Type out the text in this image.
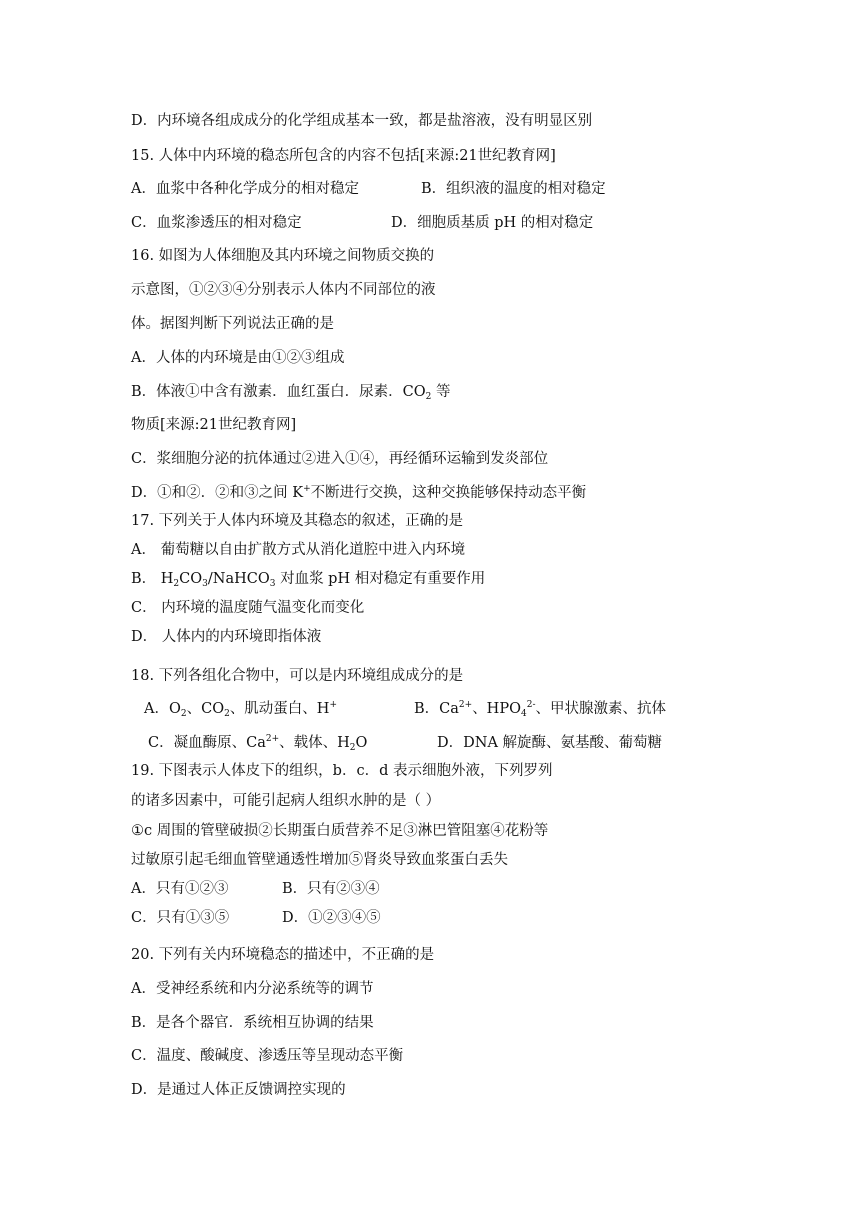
D．内环境各组成成分的化学组成基本一致，都是盐溶液，没有明显区别
15. 人体中内环境的稳态所包含的内容不包括[来源:21世纪教育网]
A．血浆中各种化学成分的相对稳定	B．组织液的温度的相对稳定
C．血浆渗透压的相对稳定	D．细胞质基质 pH 的相对稳定
16. 如图为人体细胞及其内环境之间物质交换的
示意图，①②③④分别表示人体内不同部位的液
体。据图判断下列说法正确的是
A．人体的内环境是由①②③组成
B．体液①中含有激素．血红蛋白．尿素．$CO_2$ 等
物质[来源:21世纪教育网]
C．浆细胞分泌的抗体通过②进入①④，再经循环运输到发炎部位
D．①和②．②和③之间 K+不断进行交换，这种交换能够保持动态平衡
17. 下列关于人体内环境及其稳态的叙述，正确的是
A． 葡萄糖以自由扩散方式从消化道腔中进入内环境
B． $H_2CO_3/NaHCO_3$ 对血浆 pH 相对稳定有重要作用
C． 内环境的温度随气温变化而变化
D． 人体内的内环境即指体液
18. 下列各组化合物中，可以是内环境组成成分的是
A．$O_2$、$CO_2$、肌动蛋白、H+	B．$Ca^{2+}$、$HPO_4^{2-}$、甲状腺激素、抗体
C．凝血酶原、$Ca^{2+}$、载体、$H_2O$	D．DNA 解旋酶、氨基酸、葡萄糖
19. 下图表示人体皮下的组织，b．c．d 表示细胞外液，下列罗列
的诸多因素中，可能引起病人组织水肿的是（ ）
①c 周围的管壁破损②长期蛋白质营养不足③淋巴管阻塞④花粉等
过敏原引起毛细血管壁通透性增加⑤肾炎导致血浆蛋白丢失
A．只有①②③	B．只有②③④
C．只有①③⑤	D．①②③④⑤
20. 下列有关内环境稳态的描述中，不正确的是
A．受神经系统和内分泌系统等的调节
B．是各个器官．系统相互协调的结果
C．温度、酸碱度、渗透压等呈现动态平衡
D．是通过人体正反馈调控实现的
